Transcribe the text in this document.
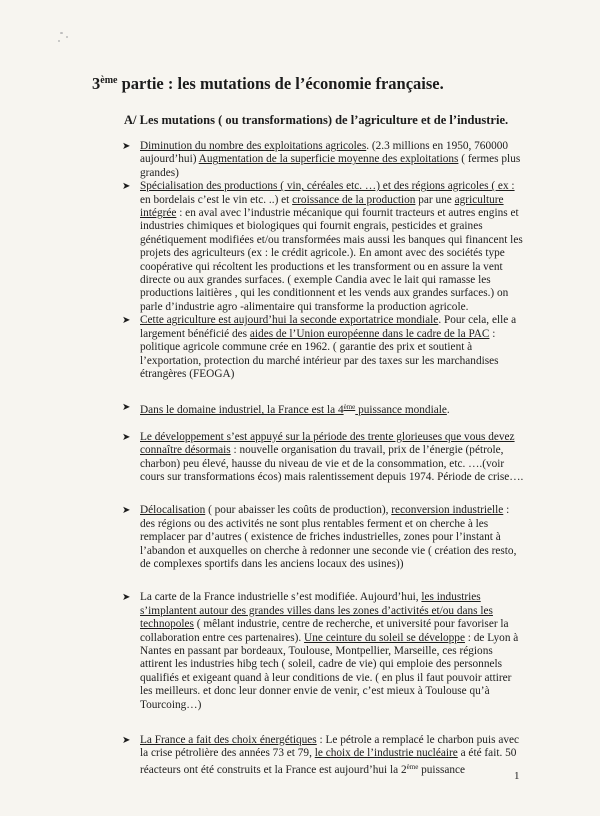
3ème partie : les mutations de l’économie française.
A/ Les mutations ( ou transformations) de l’agriculture et de l’industrie.
➤ Diminution du nombre des exploitations agricoles. (2.3 millions en 1950, 760000 aujourd’hui) Augmentation de la superficie moyenne des exploitations ( fermes plus grandes)
➤ Spécialisation des productions ( vin, céréales etc. …) et des régions agricoles ( ex : en bordelais c’est le vin etc. ..) et croissance de la production par une agriculture intégrée : en aval avec l’industrie mécanique qui fournit tracteurs et autres engins et industries chimiques et biologiques qui fournit engrais, pesticides et graines génétiquement modifiées et/ou transformées mais aussi les banques qui financent les projets des agriculteurs (ex : le crédit agricole.). En amont avec des sociétés type coopérative qui récoltent les productions et les transforment ou en assure la vent directe ou aux grandes surfaces. ( exemple Candia avec le lait qui ramasse les productions laitières , qui les conditionnent et les vends aux grandes surfaces.) on parle d’industrie agro -alimentaire qui transforme la production agricole.
➤ Cette agriculture est aujourd’hui la seconde exportatrice mondiale. Pour cela, elle a largement bénéficié des aides de l’Union européenne dans le cadre de la PAC : politique agricole commune crée en 1962. ( garantie des prix et soutient à l’exportation, protection du marché intérieur par des taxes sur les marchandises étrangères (FEOGA)
➤ Dans le domaine industriel, la France est la 4ème puissance mondiale.
➤ Le développement s’est appuyé sur la période des trente glorieuses que vous devez connaître désormais : nouvelle organisation du travail, prix de l’énergie (pétrole, charbon) peu élevé, hausse du niveau de vie et de la consommation, etc. ….(voir cours sur transformations écos) mais ralentissement depuis 1974. Période de crise….
➤ Délocalisation ( pour abaisser les coûts de production), reconversion industrielle : des régions ou des activités ne sont plus rentables ferment et on cherche à les remplacer par d’autres ( existence de friches industrielles, zones pour l’instant à l’abandon et auxquelles on cherche à redonner une seconde vie ( création des resto, de complexes sportifs dans les anciens locaux des usines))
➤ La carte de la France industrielle s’est modifiée. Aujourd’hui, les industries s’implantent autour des grandes villes dans les zones d’activités et/ou dans les technopoles ( mêlant industrie, centre de recherche, et université pour favoriser la collaboration entre ces partenaires). Une ceinture du soleil se développe : de Lyon à Nantes en passant par bordeaux, Toulouse, Montpellier, Marseille, ces régions attirent les industries hibg tech ( soleil, cadre de vie) qui emploie des personnels qualifiés et exigeant quand à leur conditions de vie. ( en plus il faut pouvoir attirer les meilleurs. et donc leur donner envie de venir, c’est mieux à Toulouse qu’à Tourcoing…)
➤ La France a fait des choix énergétiques : Le pétrole a remplacé le charbon puis avec la crise pétrolière des années 73 et 79, le choix de l’industrie nucléaire a été fait. 50 réacteurs ont été construits et la France est aujourd’hui la 2ème puissance
1
